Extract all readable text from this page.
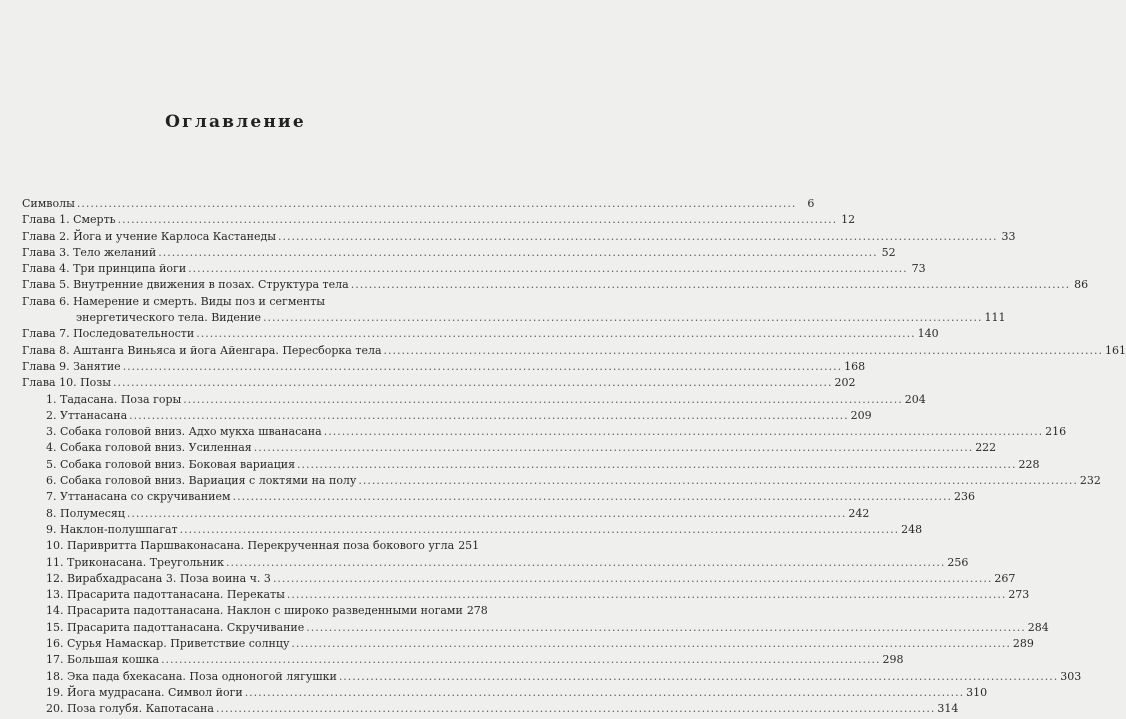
Оглавление
Символы .....	6
Глава 1. Смерть .....	12
Глава 2. Йога и учение Карлоса Кастанеды .....	33
Глава 3. Тело желаний .....	52
Глава 4. Три принципа йоги .....	73
Глава 5. Внутренние движения в позах. Структура тела .....	86
Глава 6. Намерение и смерть. Виды поз и сегменты
энергетического тела. Видение .....	111
Глава 7. Последовательности .....	140
Глава 8. Аштанга Виньяса и йога Айенгара. Пересборка тела .....	161
Глава 9. Занятие .....	168
Глава 10. Позы .....	202
1. Тадасана. Поза горы .....	204
2. Уттанасана .....	209
3. Собака головой вниз. Адхо мукха шванасана .....	216
4. Собака головой вниз. Усиленная .....	222
5. Собака головой вниз. Боковая вариация .....	228
6. Собака головой вниз. Вариация с локтями на полу .....	232
7. Уттанасана со скручиванием .....	236
8. Полумесяц .....	242
9. Наклон-полушпагат .....	248
10. Паривритта Паршваконасана. Перекрученная поза бокового угла 251
11. Триконасана. Треугольник .....	256
12. Вирабхадрасана 3. Поза воина ч. 3 .....	267
13. Прасарита падоттанасана. Перекаты .....	273
14. Прасарита падоттанасана. Наклон с широко разведенными ногами 278
15. Прасарита падоттанасана. Скручивание .....	284
16. Сурья Намаскар. Приветствие солнцу .....	289
17. Большая кошка .....	298
18. Эка пада бхекасана. Поза одноногой лягушки .....	303
19. Йога мудрасана. Символ йоги .....	310
20. Поза голубя. Капотасана .....	314
